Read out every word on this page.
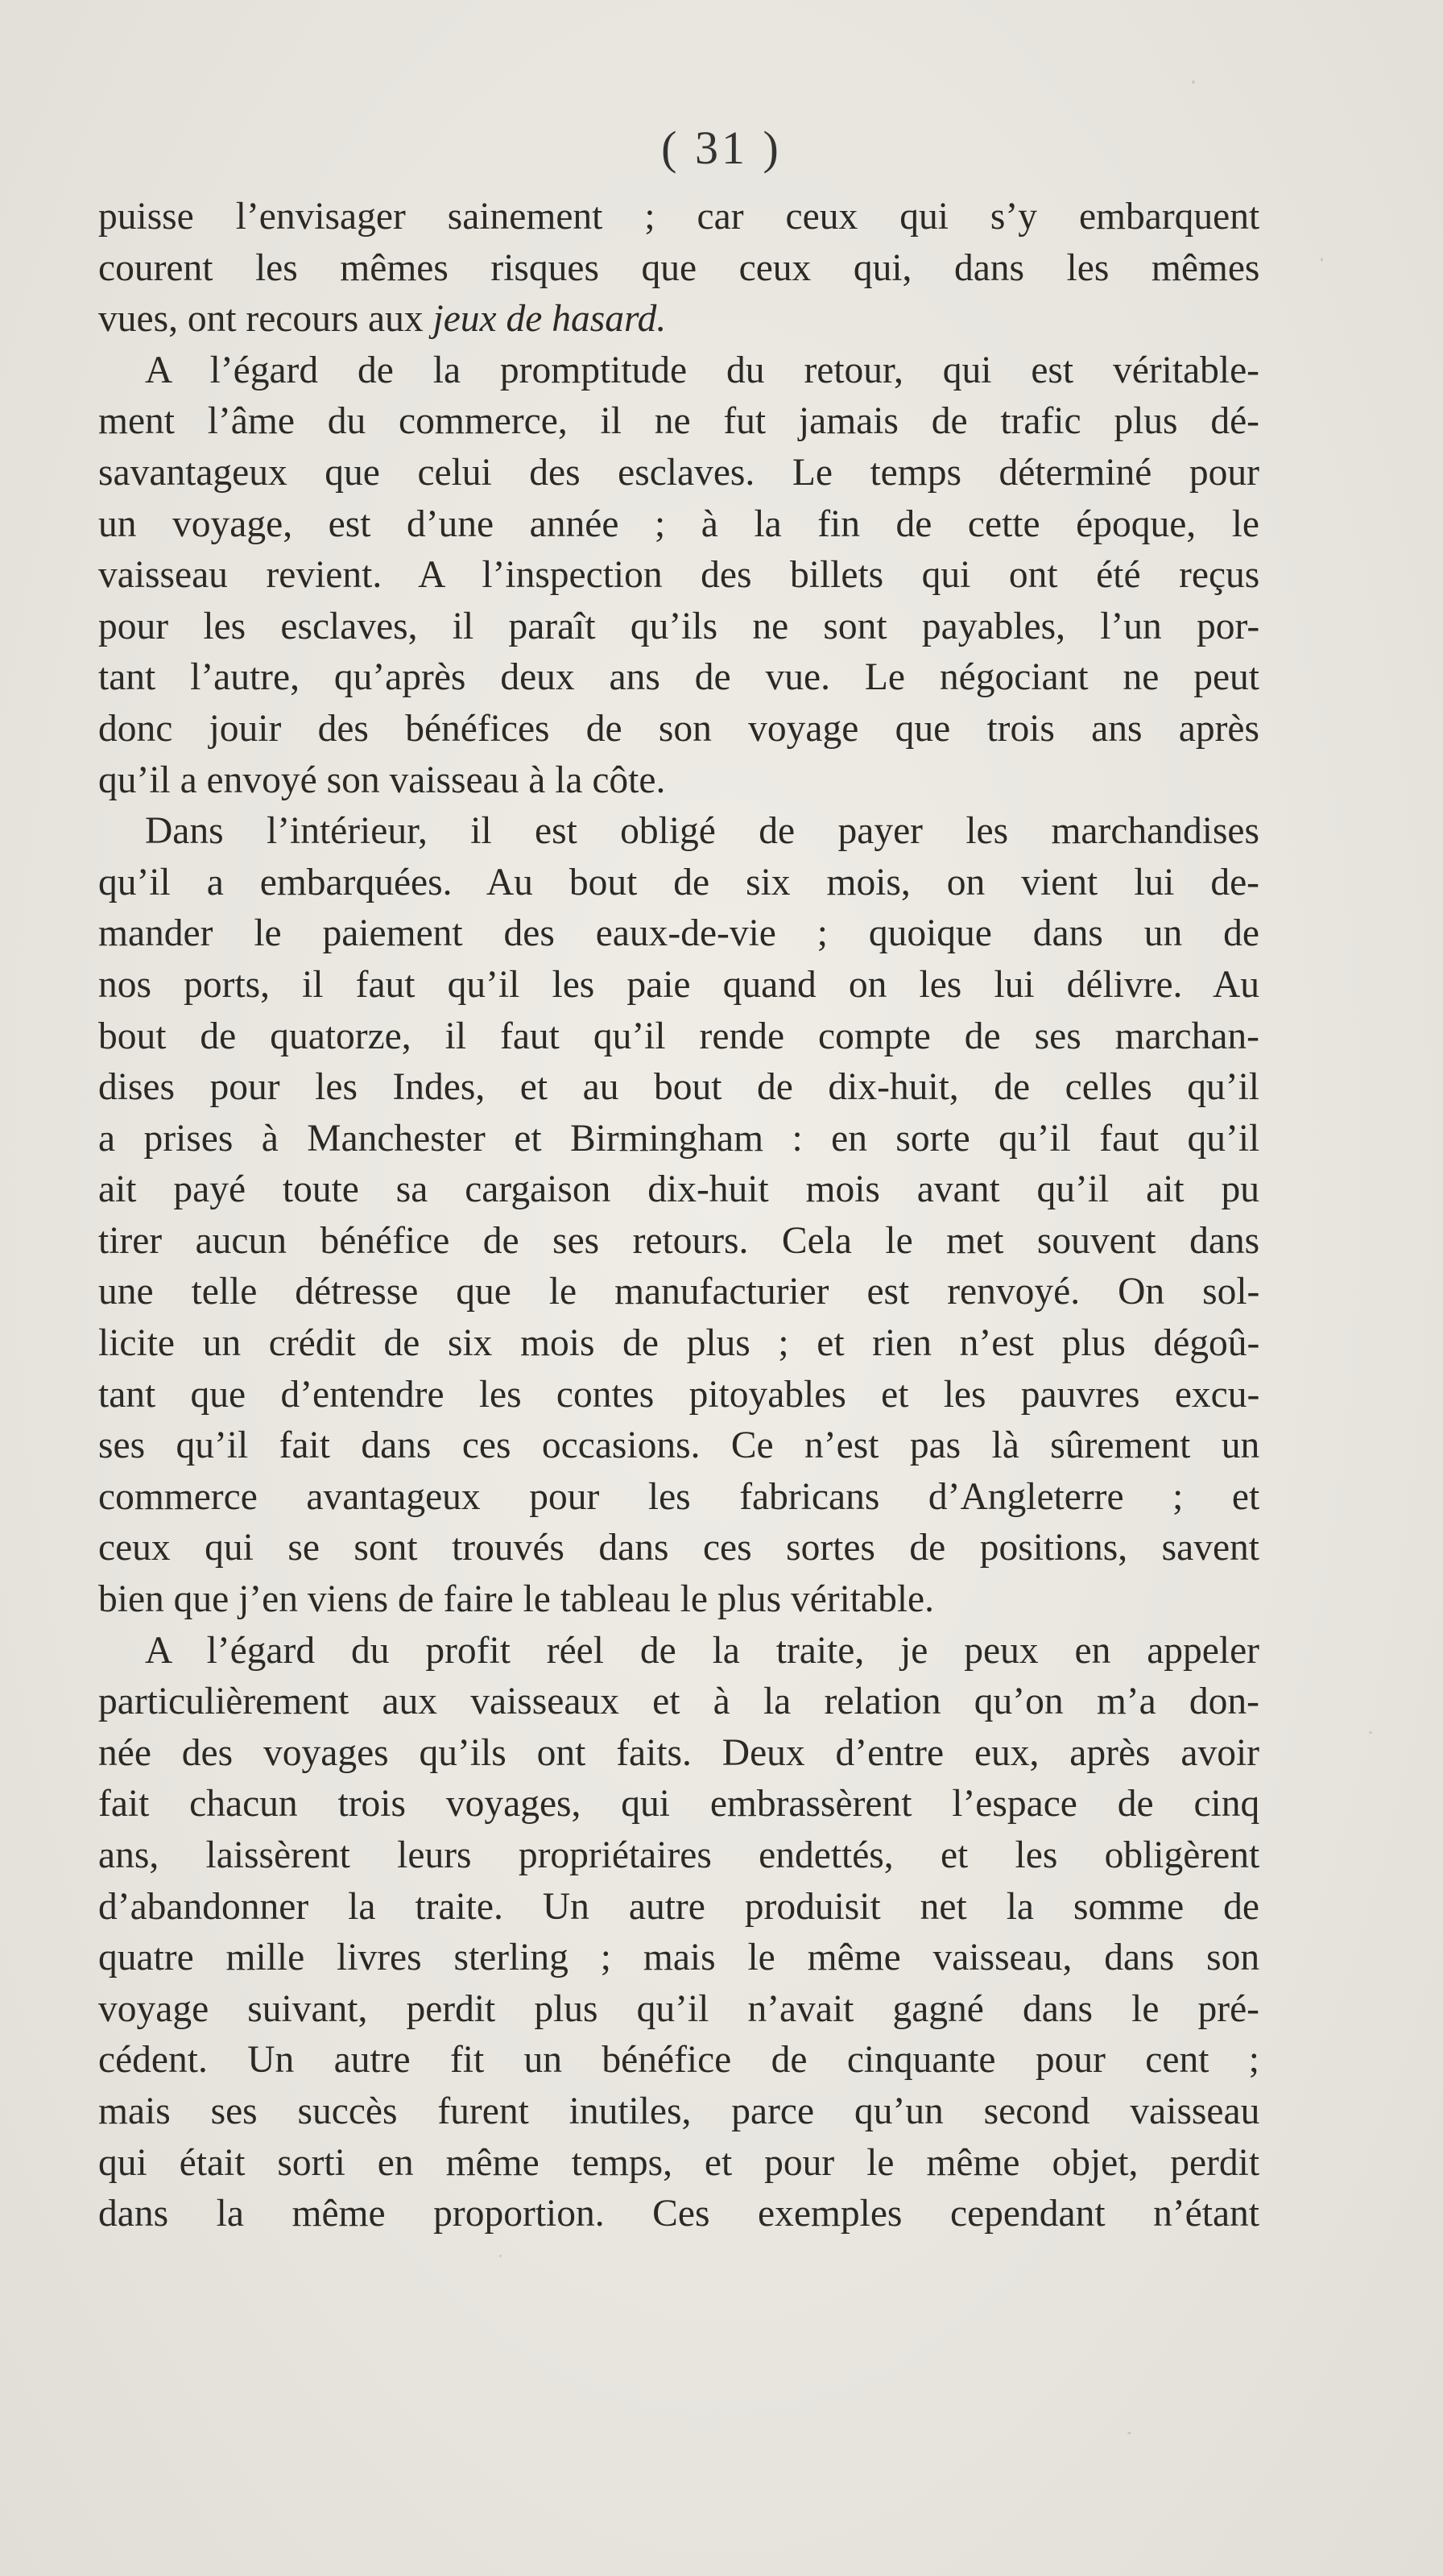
( 31 )
puisse l’envisager sainement ; car ceux qui s’y embarquent
courent les mêmes risques que ceux qui, dans les mêmes
vues, ont recours aux jeux de hasard.
A l’égard de la promptitude du retour, qui est véritable-
ment l’âme du commerce, il ne fut jamais de trafic plus dé-
savantageux que celui des esclaves. Le temps déterminé pour
un voyage, est d’une année ; à la fin de cette époque, le
vaisseau revient. A l’inspection des billets qui ont été reçus
pour les esclaves, il paraît qu’ils ne sont payables, l’un por-
tant l’autre, qu’après deux ans de vue. Le négociant ne peut
donc jouir des bénéfices de son voyage que trois ans après
qu’il a envoyé son vaisseau à la côte.
Dans l’intérieur, il est obligé de payer les marchandises
qu’il a embarquées. Au bout de six mois, on vient lui de-
mander le paiement des eaux-de-vie ; quoique dans un de
nos ports, il faut qu’il les paie quand on les lui délivre. Au
bout de quatorze, il faut qu’il rende compte de ses marchan-
dises pour les Indes, et au bout de dix-huit, de celles qu’il
a prises à Manchester et Birmingham : en sorte qu’il faut qu’il
ait payé toute sa cargaison dix-huit mois avant qu’il ait pu
tirer aucun bénéfice de ses retours. Cela le met souvent dans
une telle détresse que le manufacturier est renvoyé. On sol-
licite un crédit de six mois de plus ; et rien n’est plus dégoû-
tant que d’entendre les contes pitoyables et les pauvres excu-
ses qu’il fait dans ces occasions. Ce n’est pas là sûrement un
commerce avantageux pour les fabricans d’Angleterre ; et
ceux qui se sont trouvés dans ces sortes de positions, savent
bien que j’en viens de faire le tableau le plus véritable.
A l’égard du profit réel de la traite, je peux en appeler
particulièrement aux vaisseaux et à la relation qu’on m’a don-
née des voyages qu’ils ont faits. Deux d’entre eux, après avoir
fait chacun trois voyages, qui embrassèrent l’espace de cinq
ans, laissèrent leurs propriétaires endettés, et les obligèrent
d’abandonner la traite. Un autre produisit net la somme de
quatre mille livres sterling ; mais le même vaisseau, dans son
voyage suivant, perdit plus qu’il n’avait gagné dans le pré-
cédent. Un autre fit un bénéfice de cinquante pour cent ;
mais ses succès furent inutiles, parce qu’un second vaisseau
qui était sorti en même temps, et pour le même objet, perdit
dans la même proportion. Ces exemples cependant n’étant
